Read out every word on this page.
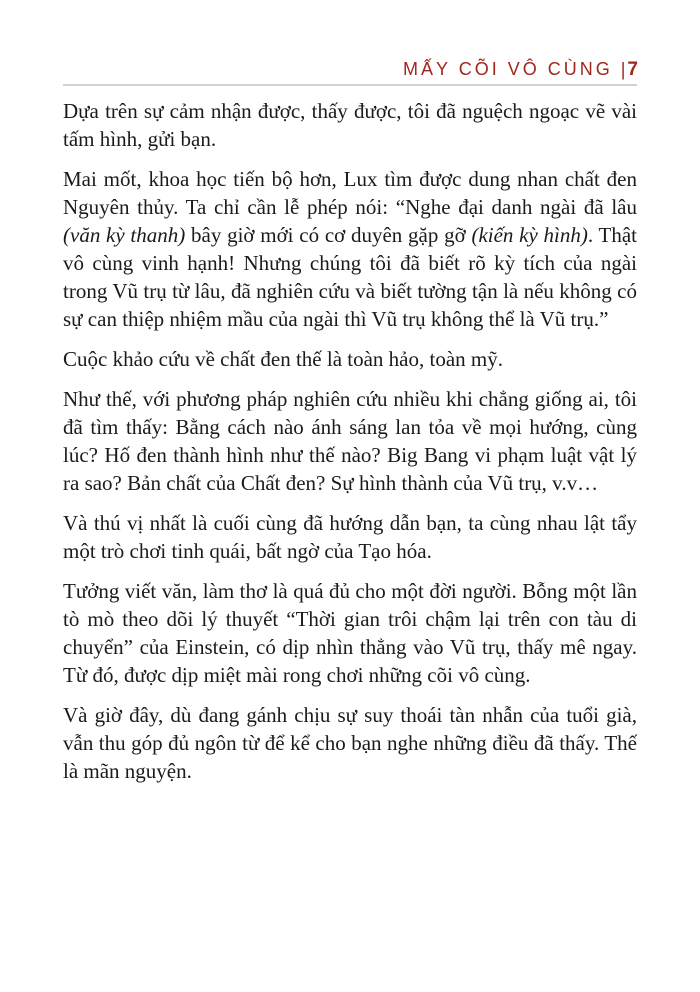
MẤY CÕI VÔ CÙNG | 7

Dựa trên sự cảm nhận được, thấy được, tôi đã nguệch ngoạc vẽ vài tấm hình, gửi bạn.

Mai mốt, khoa học tiến bộ hơn, Lux tìm được dung nhan chất đen Nguyên thủy. Ta chỉ cần lễ phép nói: “Nghe đại danh ngài đã lâu (văn kỳ thanh) bây giờ mới có cơ duyên gặp gỡ (kiến kỳ hình). Thật vô cùng vinh hạnh! Nhưng chúng tôi đã biết rõ kỳ tích của ngài trong Vũ trụ từ lâu, đã nghiên cứu và biết tường tận là nếu không có sự can thiệp nhiệm mầu của ngài thì Vũ trụ không thể là Vũ trụ.”

Cuộc khảo cứu về chất đen thế là toàn hảo, toàn mỹ.

Như thế, với phương pháp nghiên cứu nhiều khi chẳng giống ai, tôi đã tìm thấy: Bằng cách nào ánh sáng lan tỏa về mọi hướng, cùng lúc? Hố đen thành hình như thế nào? Big Bang vi phạm luật vật lý ra sao? Bản chất của Chất đen? Sự hình thành của Vũ trụ, v.v…

Và thú vị nhất là cuối cùng đã hướng dẫn bạn, ta cùng nhau lật tẩy một trò chơi tinh quái, bất ngờ của Tạo hóa.

Tưởng viết văn, làm thơ là quá đủ cho một đời người. Bỗng một lần tò mò theo dõi lý thuyết “Thời gian trôi chậm lại trên con tàu di chuyển” của Einstein, có dịp nhìn thẳng vào Vũ trụ, thấy mê ngay. Từ đó, được dịp miệt mài rong chơi những cõi vô cùng.

Và giờ đây, dù đang gánh chịu sự suy thoái tàn nhẫn của tuổi già, vẫn thu góp đủ ngôn từ để kể cho bạn nghe những điều đã thấy. Thế là mãn nguyện.
